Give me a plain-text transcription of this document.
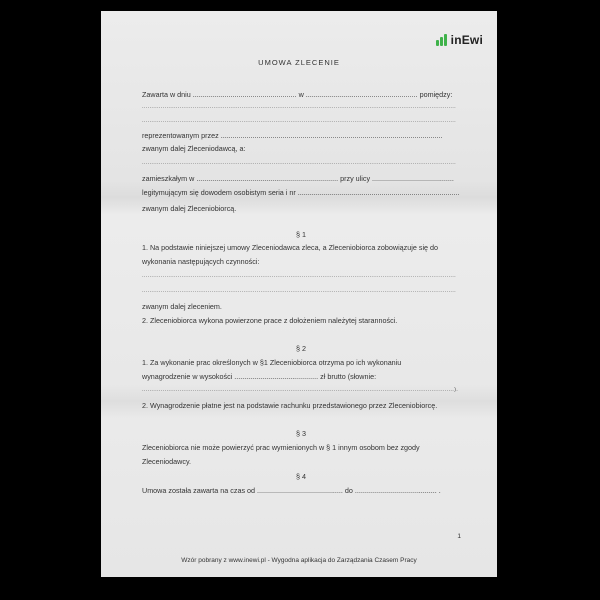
inEwi
UMOWA ZLECENIE
Zawarta w dniu .................................................... w ........................................................ pomiędzy:
.......................................................................................................................................................................
.......................................................................................................................................................................
reprezentowanym przez ...............................................................................................................
zwanym dalej Zleceniodawcą, a:
.......................................................................................................................................................................
zamieszkałym w ....................................................................... przy ulicy .........................................
legitymującym się dowodem osobistym seria i nr .................................................................................
zwanym dalej Zleceniobiorcą.
§ 1
1. Na podstawie niniejszej umowy Zleceniodawca zleca, a Zleceniobiorca zobowiązuje się do
wykonania następujących czynności:
.......................................................................................................................................................................
.......................................................................................................................................................................
zwanym dalej zleceniem.
2. Zleceniobiorca wykona powierzone prace z dołożeniem należytej staranności.
§ 2
1. Za wykonanie prac określonych w §1 Zleceniobiorca otrzyma po ich wykonaniu
wynagrodzenie w wysokości .......................................... zł brutto (słownie:
......................................................................................................................................................................).
2. Wynagrodzenie płatne jest na podstawie rachunku przedstawionego przez Zleceniobiorcę.
§ 3
Zleceniobiorca nie może powierzyć prac wymienionych w § 1 innym osobom bez zgody
Zleceniodawcy.
§ 4
Umowa została zawarta na czas od ........................................... do ......................................... .
1
Wzór pobrany z www.inewi.pl - Wygodna aplikacja do Zarządzania Czasem Pracy
